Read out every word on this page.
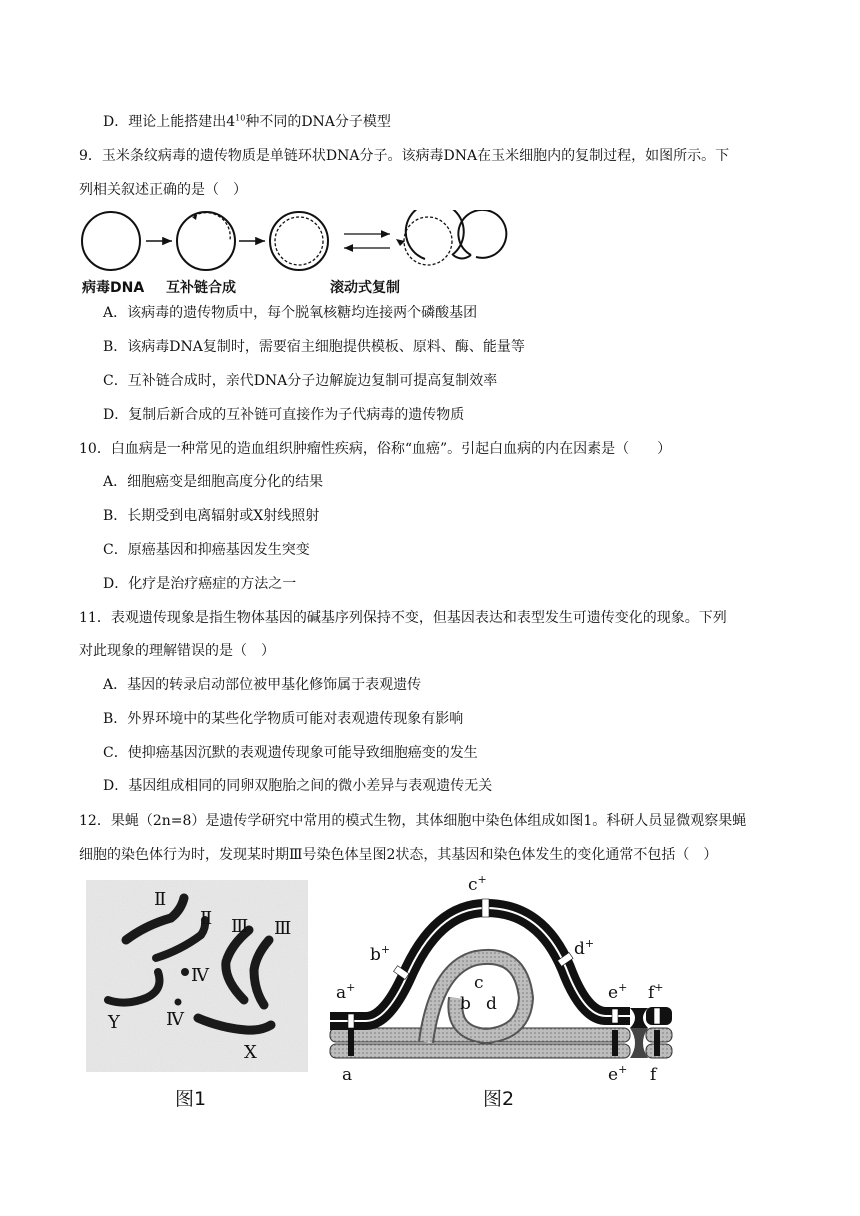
D．理论上能搭建出$4^{10}$种不同的DNA分子模型
9．玉米条纹病毒的遗传物质是单链环状DNA分子。该病毒DNA在玉米细胞内的复制过程，如图所示。下
列相关叙述正确的是（　）
病毒DNA 互补链合成	滚动式复制
A．该病毒的遗传物质中，每个脱氧核糖均连接两个磷酸基团
B．该病毒DNA复制时，需要宿主细胞提供模板、原料、酶、能量等
C．互补链合成时，亲代DNA分子边解旋边复制可提高复制效率
D．复制后新合成的互补链可直接作为子代病毒的遗传物质
10．白血病是一种常见的造血组织肿瘤性疾病，俗称“血癌”。引起白血病的内在因素是（　　）
A．细胞癌变是细胞高度分化的结果
B．长期受到电离辐射或X射线照射
C．原癌基因和抑癌基因发生突变
D．化疗是治疗癌症的方法之一
11．表观遗传现象是指生物体基因的碱基序列保持不变，但基因表达和表型发生可遗传变化的现象。下列
对此现象的理解错误的是（　）
A．基因的转录启动部位被甲基化修饰属于表观遗传
B．外界环境中的某些化学物质可能对表观遗传现象有影响
C．使抑癌基因沉默的表观遗传现象可能导致细胞癌变的发生
D．基因组成相同的同卵双胞胎之间的微小差异与表观遗传无关
12．果蝇（2n=8）是遗传学研究中常用的模式生物，其体细胞中染色体组成如图1。科研人员显微观察果蝇
细胞的染色体行为时，发现某时期Ⅲ号染色体呈图2状态，其基因和染色体发生的变化通常不包括（　）
Ⅱ
Ⅱ Ⅲ Ⅲ
Ⅳ
Ⅳ
Y
X
图1
a+
b+
c+
d+
e+ f+
c
b d
a	e+ f
图2
